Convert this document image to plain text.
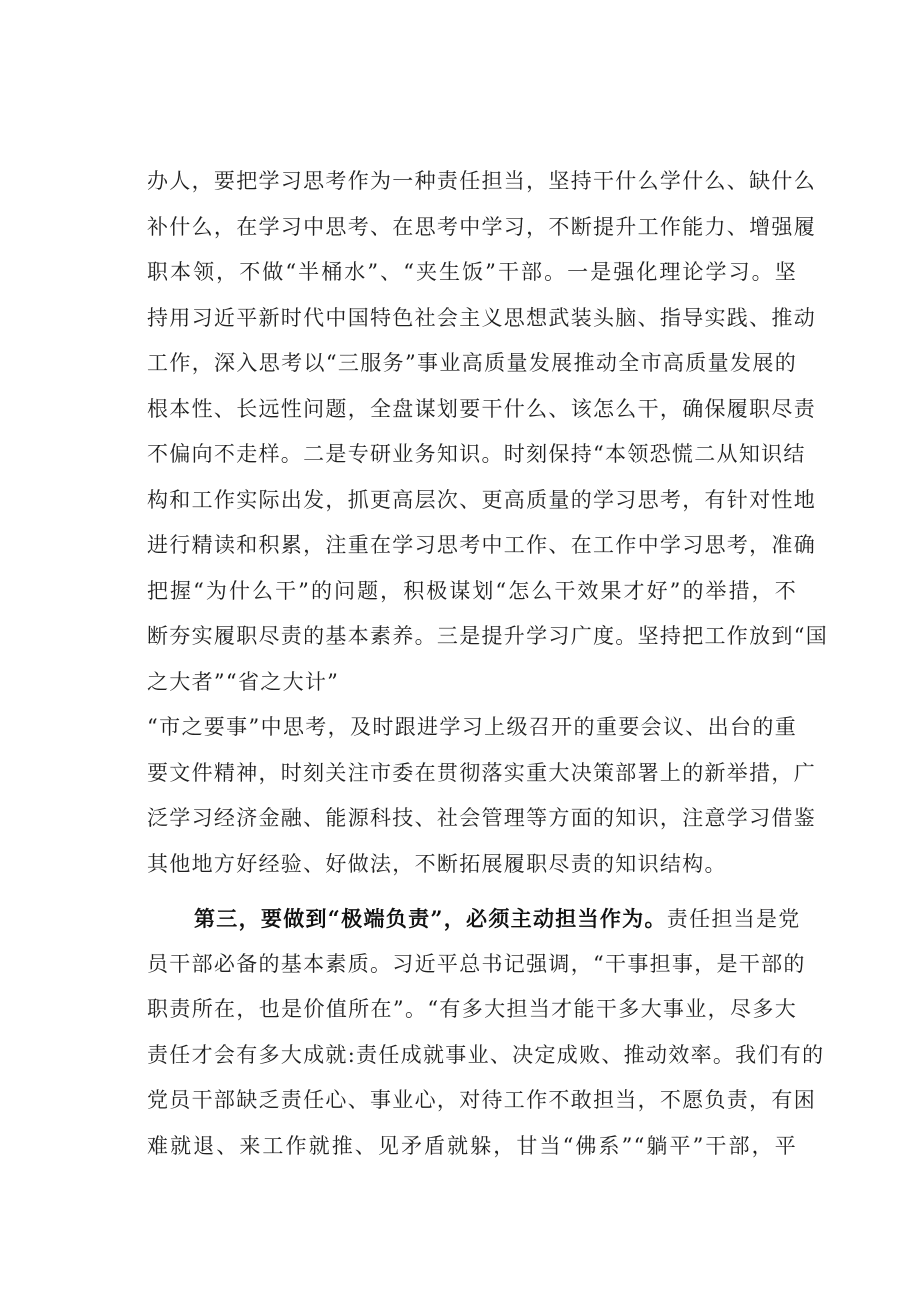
办人，要把学习思考作为一种责任担当，坚持干什么学什么、缺什么
补什么，在学习中思考、在思考中学习，不断提升工作能力、增强履
职本领，不做“半桶水”、“夹生饭”干部。一是强化理论学习。坚
持用习近平新时代中国特色社会主义思想武装头脑、指导实践、推动
工作，深入思考以“三服务”事业高质量发展推动全市高质量发展的
根本性、长远性问题，全盘谋划要干什么、该怎么干，确保履职尽责
不偏向不走样。二是专研业务知识。时刻保持“本领恐慌二从知识结
构和工作实际出发，抓更高层次、更高质量的学习思考，有针对性地
进行精读和积累，注重在学习思考中工作、在工作中学习思考，准确
把握“为什么干”的问题，积极谋划“怎么干效果才好”的举措，不
断夯实履职尽责的基本素养。三是提升学习广度。坚持把工作放到“国
之大者”“省之大计”
“市之要事”中思考，及时跟进学习上级召开的重要会议、出台的重
要文件精神，时刻关注市委在贯彻落实重大决策部署上的新举措，广
泛学习经济金融、能源科技、社会管理等方面的知识，注意学习借鉴
其他地方好经验、好做法，不断拓展履职尽责的知识结构。
第三，要做到“极端负责”，必须主动担当作为。责任担当是党
员干部必备的基本素质。习近平总书记强调，“干事担事，是干部的
职责所在，也是价值所在”。“有多大担当才能干多大事业，尽多大
责任才会有多大成就:责任成就事业、决定成败、推动效率。我们有的
党员干部缺乏责任心、事业心，对待工作不敢担当，不愿负责，有困
难就退、来工作就推、见矛盾就躲，甘当“佛系”“躺平”干部，平
